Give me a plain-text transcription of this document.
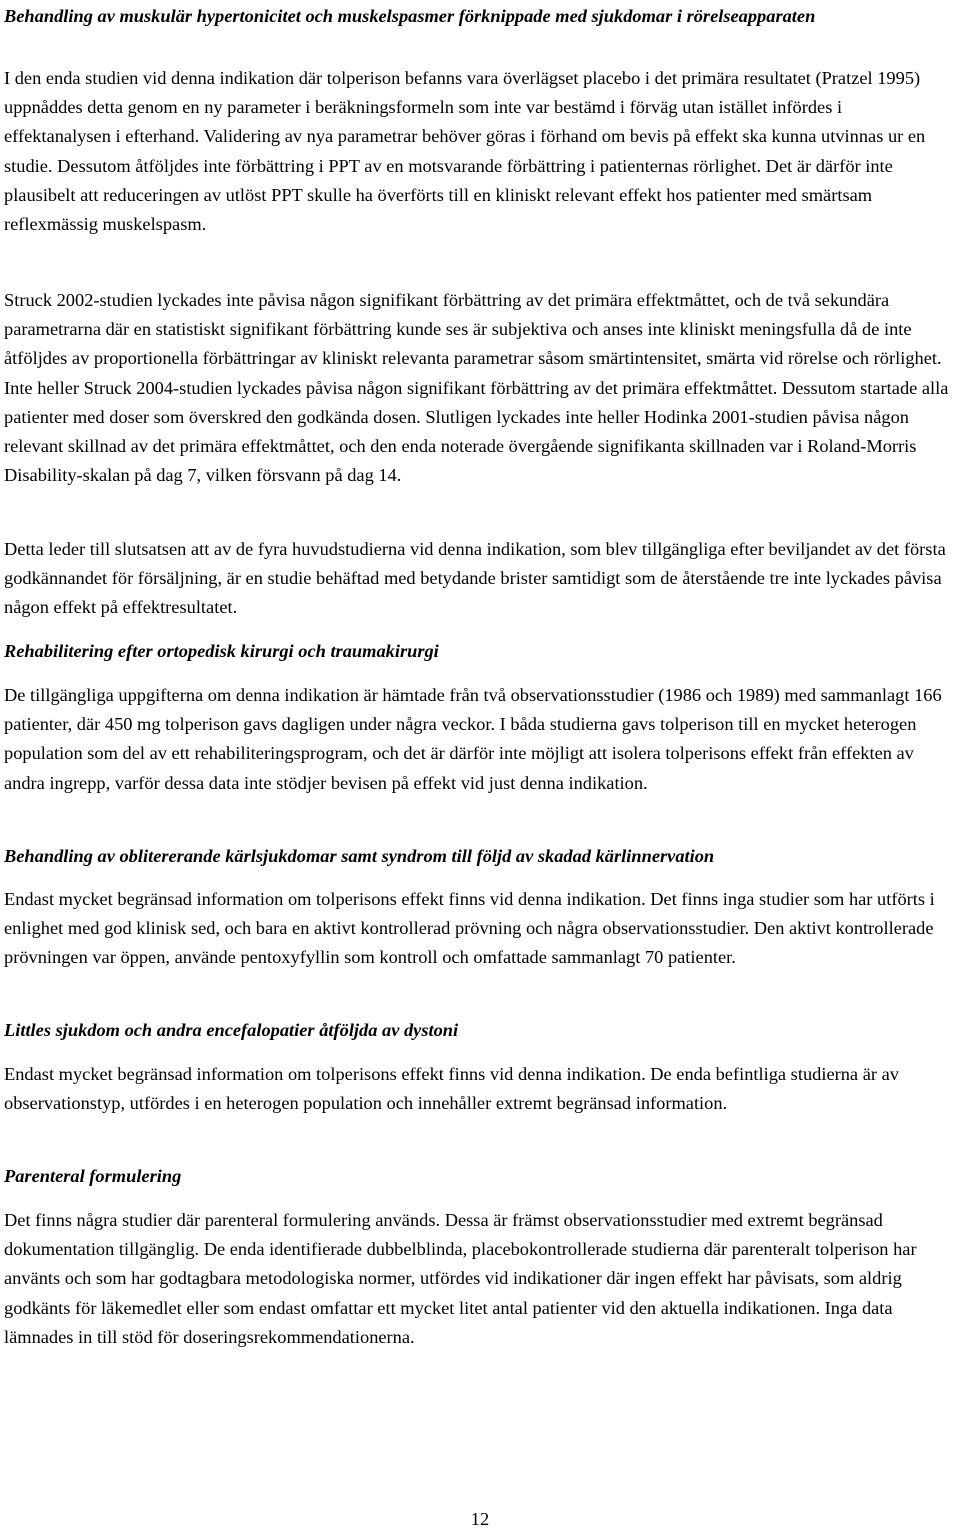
Behandling av muskulär hypertonicitet och muskelspasmer förknippade med sjukdomar i rörelseapparaten

I den enda studien vid denna indikation där tolperison befanns vara överlägset placebo i det primära resultatet (Pratzel 1995) uppnåddes detta genom en ny parameter i beräkningsformeln som inte var bestämd i förväg utan istället infördes i effektanalysen i efterhand. Validering av nya parametrar behöver göras i förhand om bevis på effekt ska kunna utvinnas ur en studie. Dessutom åtföljdes inte förbättring i PPT av en motsvarande förbättring i patienternas rörlighet. Det är därför inte plausibelt att reduceringen av utlöst PPT skulle ha överförts till en kliniskt relevant effekt hos patienter med smärtsam reflexmässig muskelspasm.

Struck 2002-studien lyckades inte påvisa någon signifikant förbättring av det primära effektmåttet, och de två sekundära parametrarna där en statistiskt signifikant förbättring kunde ses är subjektiva och anses inte kliniskt meningsfulla då de inte åtföljdes av proportionella förbättringar av kliniskt relevanta parametrar såsom smärtintensitet, smärta vid rörelse och rörlighet. Inte heller Struck 2004-studien lyckades påvisa någon signifikant förbättring av det primära effektmåttet. Dessutom startade alla patienter med doser som överskred den godkända dosen. Slutligen lyckades inte heller Hodinka 2001-studien påvisa någon relevant skillnad av det primära effektmåttet, och den enda noterade övergående signifikanta skillnaden var i Roland-Morris Disability-skalan på dag 7, vilken försvann på dag 14.

Detta leder till slutsatsen att av de fyra huvudstudierna vid denna indikation, som blev tillgängliga efter beviljandet av det första godkännandet för försäljning, är en studie behäftad med betydande brister samtidigt som de återstående tre inte lyckades påvisa någon effekt på effektresultatet.

Rehabilitering efter ortopedisk kirurgi och traumakirurgi

De tillgängliga uppgifterna om denna indikation är hämtade från två observationsstudier (1986 och 1989) med sammanlagt 166 patienter, där 450 mg tolperison gavs dagligen under några veckor. I båda studierna gavs tolperison till en mycket heterogen population som del av ett rehabiliteringsprogram, och det är därför inte möjligt att isolera tolperisons effekt från effekten av andra ingrepp, varför dessa data inte stödjer bevisen på effekt vid just denna indikation.

Behandling av oblitererande kärlsjukdomar samt syndrom till följd av skadad kärlinnervation

Endast mycket begränsad information om tolperisons effekt finns vid denna indikation. Det finns inga studier som har utförts i enlighet med god klinisk sed, och bara en aktivt kontrollerad prövning och några observationsstudier. Den aktivt kontrollerade prövningen var öppen, använde pentoxyfyllin som kontroll och omfattade sammanlagt 70 patienter.

Littles sjukdom och andra encefalopatier åtföljda av dystoni

Endast mycket begränsad information om tolperisons effekt finns vid denna indikation. De enda befintliga studierna är av observationstyp, utfördes i en heterogen population och innehåller extremt begränsad information.

Parenteral formulering

Det finns några studier där parenteral formulering används. Dessa är främst observationsstudier med extremt begränsad dokumentation tillgänglig. De enda identifierade dubbelblinda, placebokontrollerade studierna där parenteralt tolperison har använts och som har godtagbara metodologiska normer, utfördes vid indikationer där ingen effekt har påvisats, som aldrig godkänts för läkemedlet eller som endast omfattar ett mycket litet antal patienter vid den aktuella indikationen. Inga data lämnades in till stöd för doseringsrekommendationerna.

12
